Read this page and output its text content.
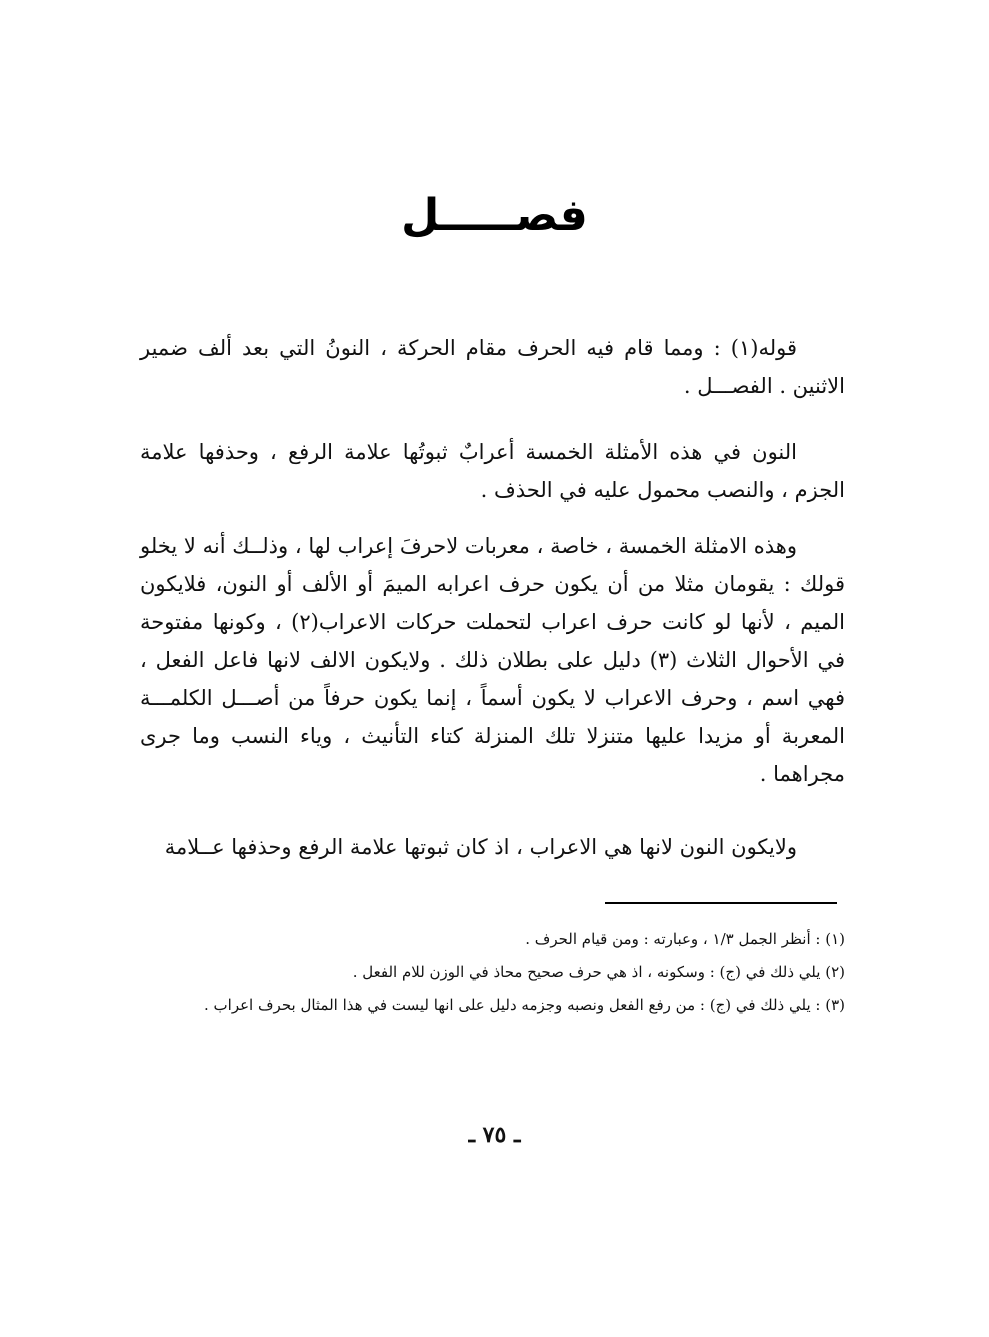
فصـــــل

قوله(١) : ومما قام فيه الحرف مقام الحركة ، النونُ التي بعد ألف ضمير الاثنين . الفصـــل .

النون في هذه الأمثلة الخمسة أعرابٌ ثبوتُها علامة الرفع ، وحذفها علامة الجزم ، والنصب محمول عليه في الحذف .

وهذه الامثلة الخمسة ، خاصة ، معربات لاحرفَ إعراب لها ، وذلــك أنه لا يخلو قولك : يقومان مثلا من أن يكون حرف اعرابه الميمَ أو الألف أو النون، فلايكون الميم ، لأنها لو كانت حرف اعراب لتحملت حركات الاعراب(٢) ، وكونها مفتوحة في الأحوال الثلاث (٣) دليل على بطلان ذلك . ولايكون الالف لانها فاعل الفعل ، فهي اسم ، وحرف الاعراب لا يكون أسماً ، إنما يكون حرفاً من أصـــل الكلمـــة المعربة أو مزيدا عليها متنزلا تلك المنزلة كتاء التأنيث ، وياء النسب وما جرى مجراهما .

ولايكون النون لانها هي الاعراب ، اذ كان ثبوتها علامة الرفع وحذفها عــلامة

(١) : أنظر الجمل ١/٣ ، وعبارته : ومن قيام الحرف .

(٢) يلي ذلك في (ج) : وسكونه ، اذ هي حرف صحيح محاذ في الوزن للام الفعل .

(٣) : يلي ذلك في (ج) : من رفع الفعل ونصبه وجزمه دليل على انها ليست في هذا المثال بحرف اعراب .

ـ ٧٥ ـ
